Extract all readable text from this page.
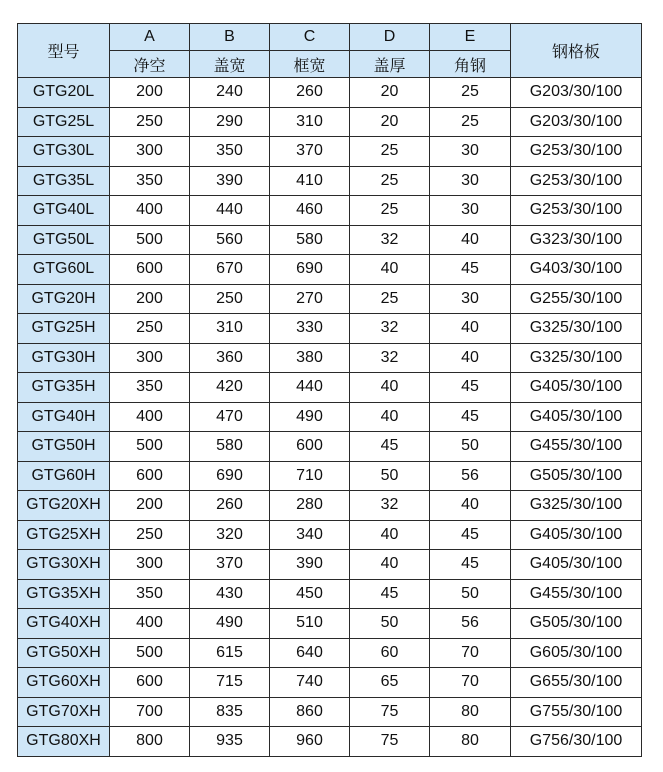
型号	A	B	C	D	E	钢格板
	净空	盖宽	框宽	盖厚	角钢	
GTG20L	200	240	260	20	25	G203/30/100
GTG25L	250	290	310	20	25	G203/30/100
GTG30L	300	350	370	25	30	G253/30/100
GTG35L	350	390	410	25	30	G253/30/100
GTG40L	400	440	460	25	30	G253/30/100
GTG50L	500	560	580	32	40	G323/30/100
GTG60L	600	670	690	40	45	G403/30/100
GTG20H	200	250	270	25	30	G255/30/100
GTG25H	250	310	330	32	40	G325/30/100
GTG30H	300	360	380	32	40	G325/30/100
GTG35H	350	420	440	40	45	G405/30/100
GTG40H	400	470	490	40	45	G405/30/100
GTG50H	500	580	600	45	50	G455/30/100
GTG60H	600	690	710	50	56	G505/30/100
GTG20XH	200	260	280	32	40	G325/30/100
GTG25XH	250	320	340	40	45	G405/30/100
GTG30XH	300	370	390	40	45	G405/30/100
GTG35XH	350	430	450	45	50	G455/30/100
GTG40XH	400	490	510	50	56	G505/30/100
GTG50XH	500	615	640	60	70	G605/30/100
GTG60XH	600	715	740	65	70	G655/30/100
GTG70XH	700	835	860	75	80	G755/30/100
GTG80XH	800	935	960	75	80	G756/30/100
